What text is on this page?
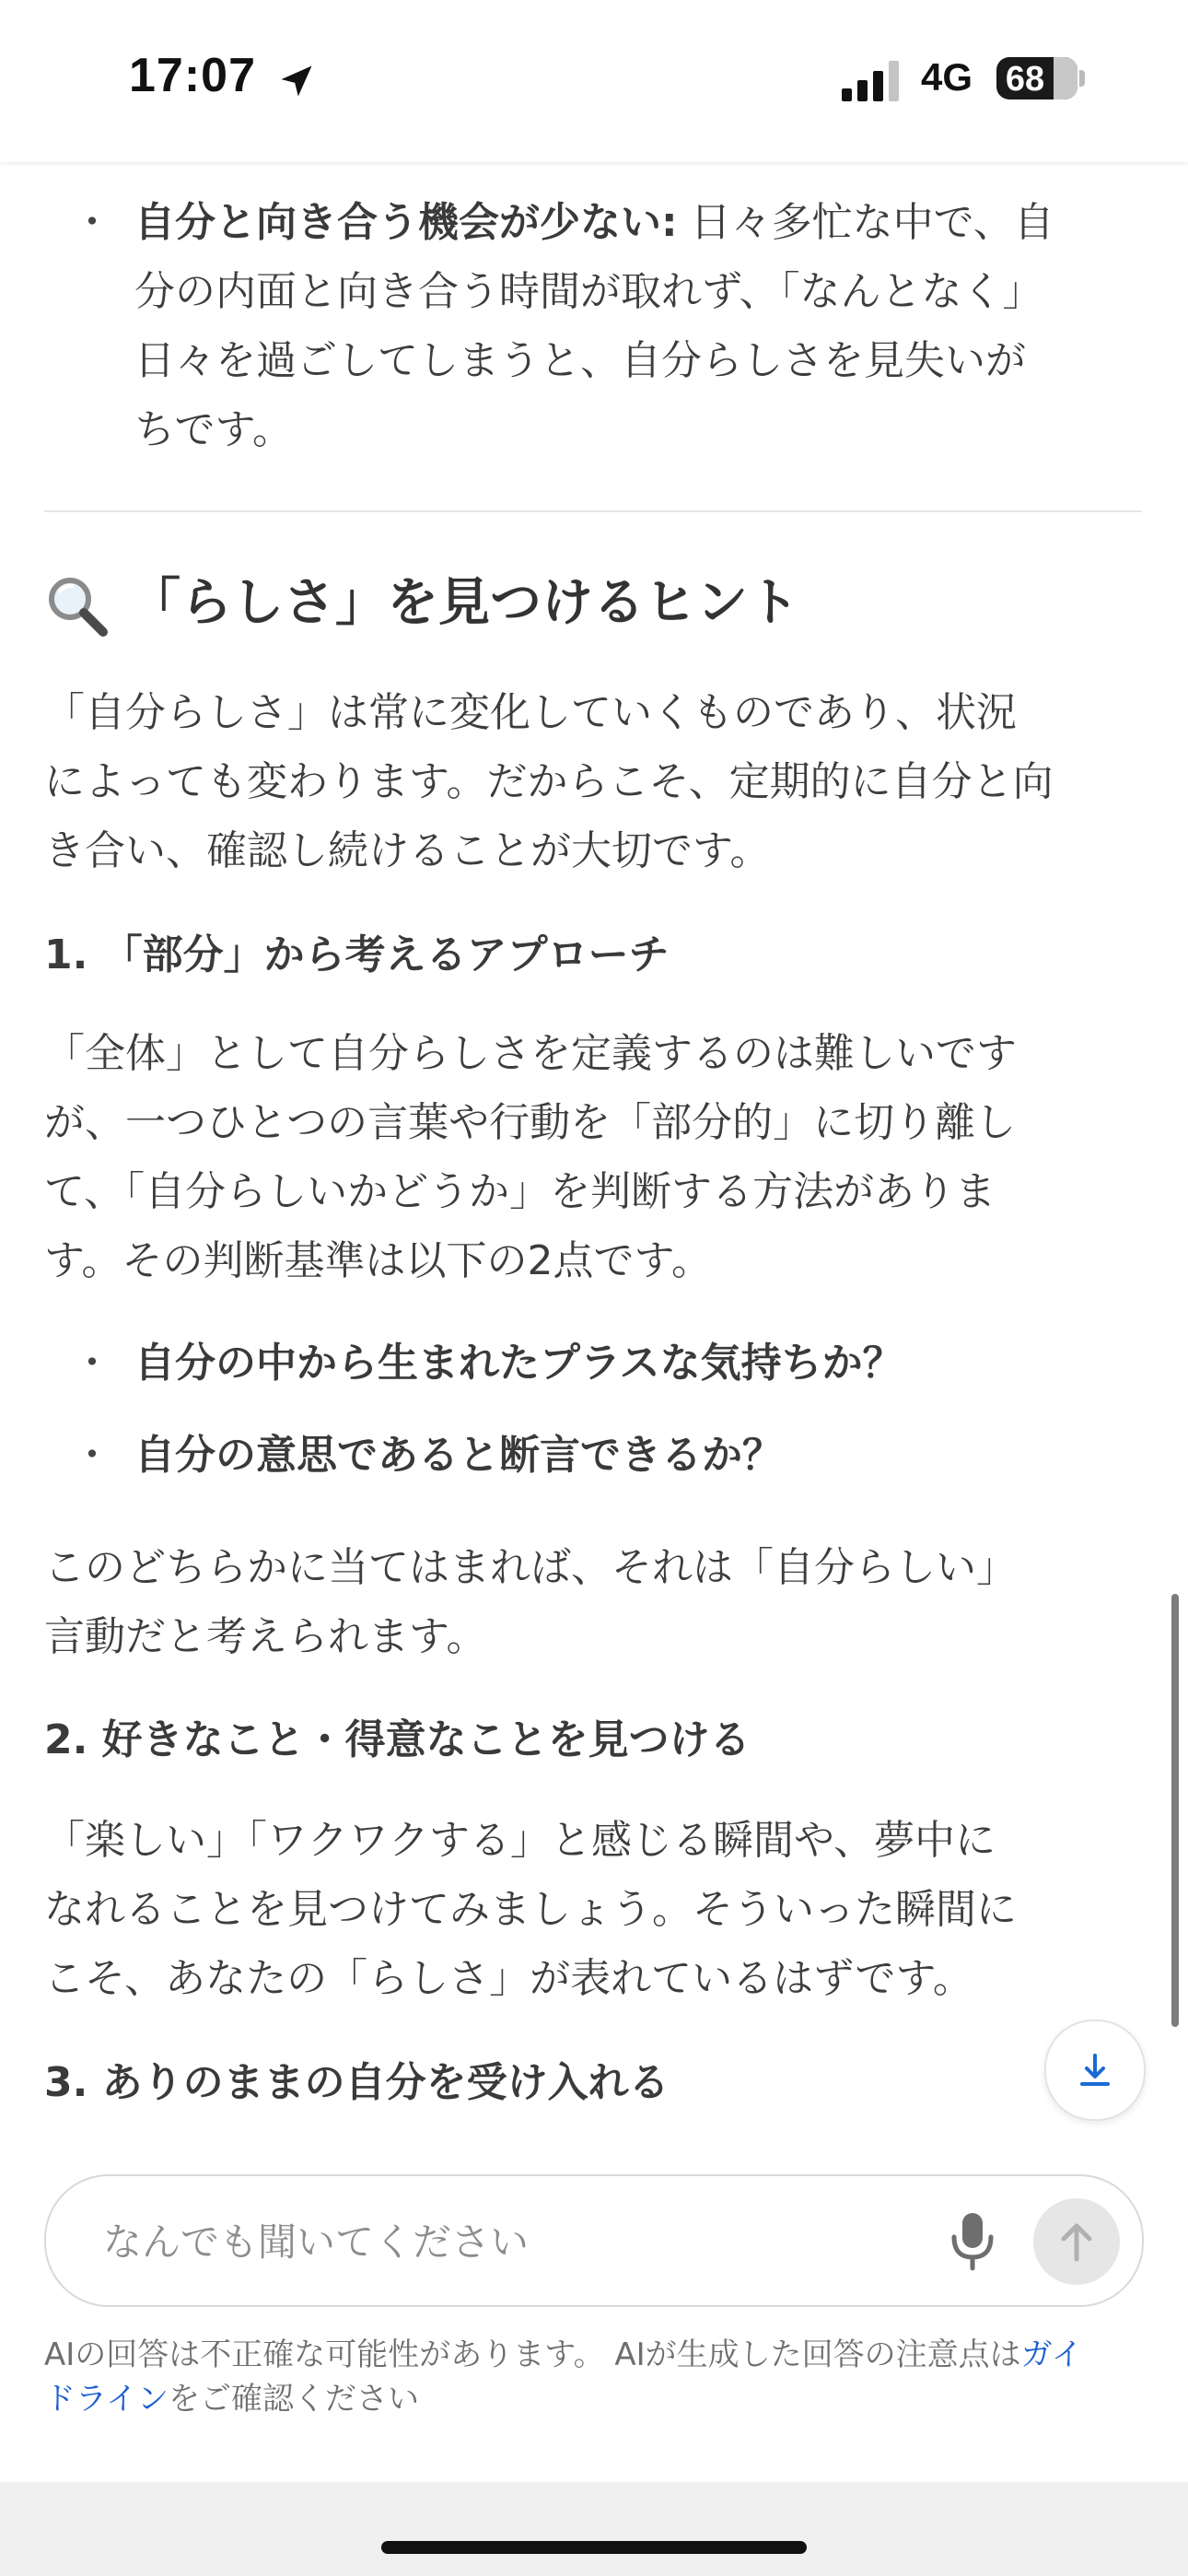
17:07	4G 68
・ 自分と向き合う機会が少ない: 日々多忙な中で、自
分の内面と向き合う時間が取れず、「なんとなく」
日々を過ごしてしまうと、自分らしさを見失いが
ちです。
「らしさ」を見つけるヒント
「自分らしさ」は常に変化していくものであり、状況
によっても変わります。だからこそ、定期的に自分と向
き合い、確認し続けることが大切です。
1. 「部分」から考えるアプローチ
「全体」として自分らしさを定義するのは難しいです
が、一つひとつの言葉や行動を「部分的」に切り離し
て、「自分らしいかどうか」を判断する方法がありま
す。その判断基準は以下の2点です。
・ 自分の中から生まれたプラスな気持ちか？
・ 自分の意思であると断言できるか？
このどちらかに当てはまれば、それは「自分らしい」
言動だと考えられます。
2. 好きなこと・得意なことを見つける
「楽しい」「ワクワクする」と感じる瞬間や、夢中に
なれることを見つけてみましょう。そういった瞬間に
こそ、あなたの「らしさ」が表れているはずです。
3. ありのままの自分を受け入れる
なんでも聞いてください
AIの回答は不正確な可能性があります。 AIが生成した回答の注意点はガイ
ドラインをご確認ください
